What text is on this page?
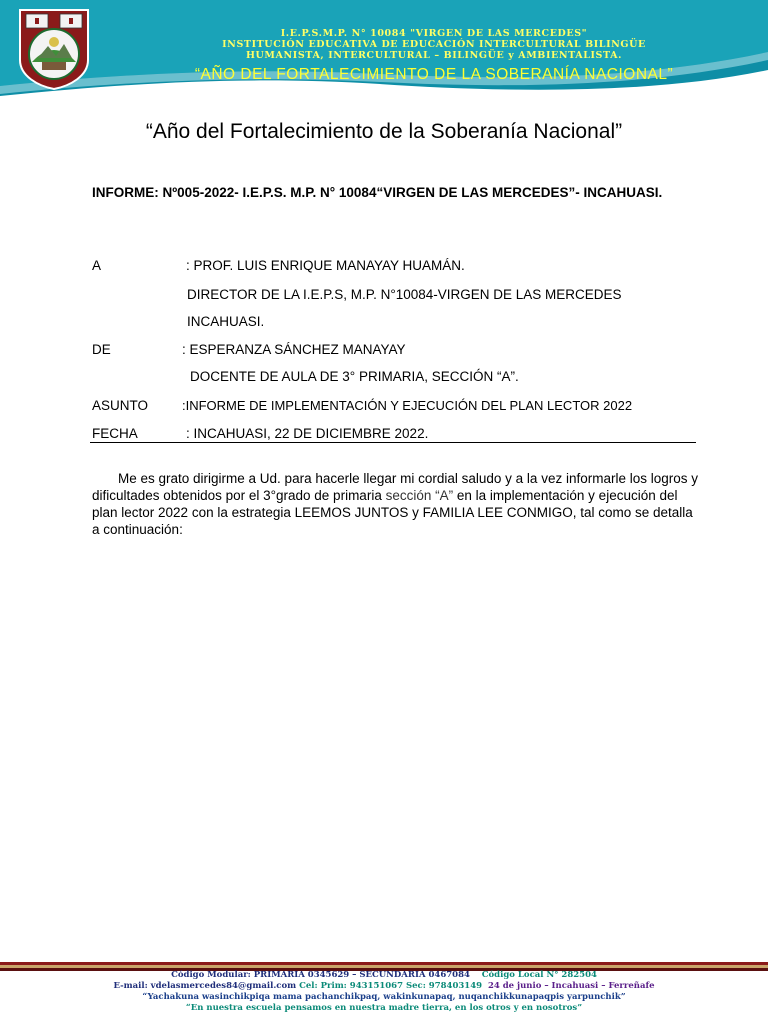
I.E.P.S.M.P. N° 10084 "VIRGEN DE LAS MERCEDES"
INSTITUCIÓN EDUCATIVA DE EDUCACIÓN INTERCULTURAL BILINGÜE
HUMANISTA, INTERCULTURAL – BILINGÜE y AMBIENTALISTA.
“AÑO DEL FORTALECIMIENTO DE LA SOBERANÍA NACIONAL”
“Año del Fortalecimiento de la Soberanía Nacional”
INFORME: Nº005-2022- I.E.P.S. M.P. N° 10084“VIRGEN DE LAS MERCEDES”- INCAHUASI.
A	: PROF. LUIS ENRIQUE MANAYAY HUAMÁN.
DIRECTOR DE LA I.E.P.S, M.P. N°10084-VIRGEN DE LAS MERCEDES
INCAHUASI.
DE	: ESPERANZA SÁNCHEZ MANAYAY
DOCENTE DE AULA DE 3° PRIMARIA, SECCIÓN “A”.
ASUNTO	:INFORME DE IMPLEMENTACIÓN Y EJECUCIÓN DEL PLAN LECTOR 2022
FECHA	: INCAHUASI, 22 DE DICIEMBRE 2022.
Me es grato dirigirme a Ud. para hacerle llegar mi cordial saludo y a la vez informarle los logros y dificultades obtenidos por el 3°grado de primaria sección “A” en la implementación y ejecución del plan lector 2022 con la estrategia LEEMOS JUNTOS y FAMILIA LEE CONMIGO, tal como se detalla a continuación:
Código Modular: PRIMARIA 0345629 – SECUNDARIA 0467084 Código Local N° 282504
E-mail: vdelasmercedes84@gmail.com Cel: Prim: 943151067 Sec: 978403149 24 de junio – Incahuasi – Ferreñafe
“Yachakuna wasinchikpiqa mama pachanchikpaq, wakinkunapaq, nuqanchikkunapaqpis yarpunchik”
“En nuestra escuela pensamos en nuestra madre tierra, en los otros y en nosotros”
